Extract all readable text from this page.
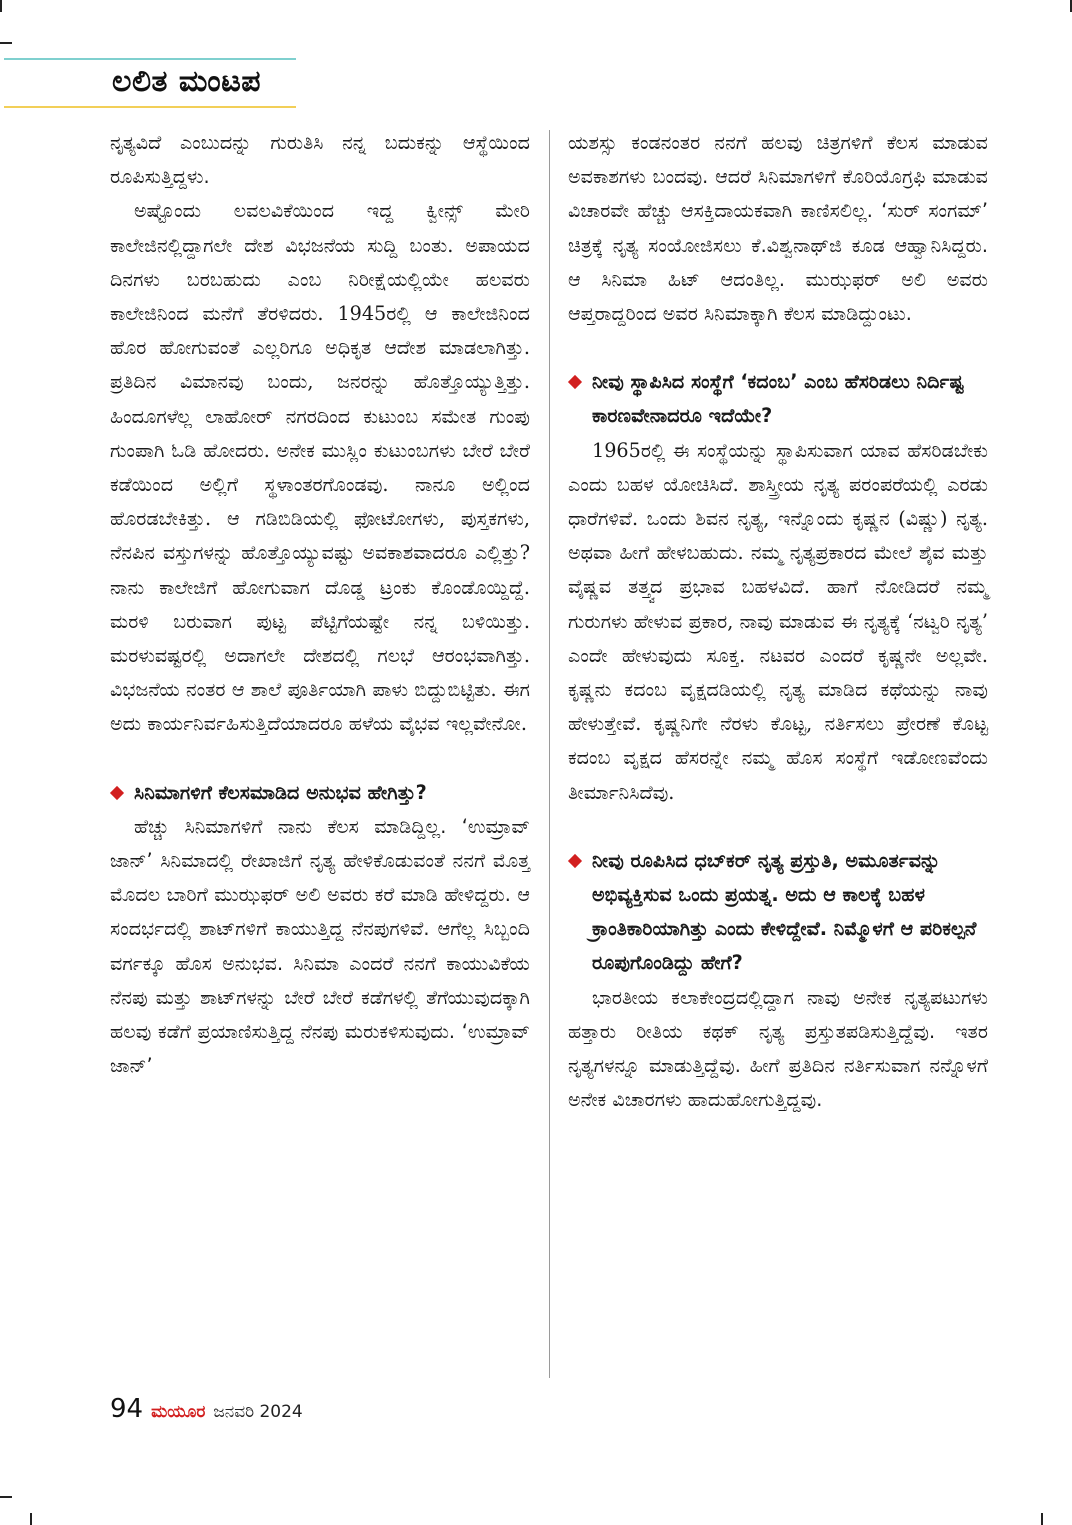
ಲಲಿತ ಮಂಟಪ

ನೃತ್ಯವಿದೆ ಎಂಬುದನ್ನು ಗುರುತಿಸಿ ನನ್ನ ಬದುಕನ್ನು ಆಸ್ಥೆಯಿಂದ ರೂಪಿಸುತ್ತಿದ್ದಳು.

ಅಷ್ಟೊಂದು ಲವಲವಿಕೆಯಿಂದ ಇದ್ದ ಕ್ವೀನ್ಸ್ ಮೇರಿ ಕಾಲೇಜಿನಲ್ಲಿದ್ದಾಗಲೇ ದೇಶ ವಿಭಜನೆಯ ಸುದ್ದಿ ಬಂತು. ಅಪಾಯದ ದಿನಗಳು ಬರಬಹುದು ಎಂಬ ನಿರೀಕ್ಷೆಯಲ್ಲಿಯೇ ಹಲವರು ಕಾಲೇಜಿನಿಂದ ಮನೆಗೆ ತೆರಳಿದರು. 1945ರಲ್ಲಿ ಆ ಕಾಲೇಜಿನಿಂದ ಹೊರ ಹೋಗುವಂತೆ ಎಲ್ಲರಿಗೂ ಅಧಿಕೃತ ಆದೇಶ ಮಾಡಲಾಗಿತ್ತು. ಪ್ರತಿದಿನ ವಿಮಾನವು ಬಂದು, ಜನರನ್ನು ಹೊತ್ತೊಯ್ಯುತ್ತಿತ್ತು. ಹಿಂದೂಗಳೆಲ್ಲ ಲಾಹೋರ್ ನಗರದಿಂದ ಕುಟುಂಬ ಸಮೇತ ಗುಂಪು ಗುಂಪಾಗಿ ಓಡಿ ಹೋದರು. ಅನೇಕ ಮುಸ್ಲಿಂ ಕುಟುಂಬಗಳು ಬೇರೆ ಬೇರೆ ಕಡೆಯಿಂದ ಅಲ್ಲಿಗೆ ಸ್ಥಳಾಂತರಗೊಂಡವು. ನಾನೂ ಅಲ್ಲಿಂದ ಹೊರಡಬೇಕಿತ್ತು. ಆ ಗಡಿಬಿಡಿಯಲ್ಲಿ ಫೋಟೋಗಳು, ಪುಸ್ತಕಗಳು, ನೆನಪಿನ ವಸ್ತುಗಳನ್ನು ಹೊತ್ತೊಯ್ಯುವಷ್ಟು ಅವಕಾಶವಾದರೂ ಎಲ್ಲಿತ್ತು? ನಾನು ಕಾಲೇಜಿಗೆ ಹೋಗುವಾಗ ದೊಡ್ಡ ಟ್ರಂಕು ಕೊಂಡೊಯ್ದಿದ್ದೆ. ಮರಳಿ ಬರುವಾಗ ಪುಟ್ಟ ಪೆಟ್ಟಿಗೆಯಷ್ಟೇ ನನ್ನ ಬಳಿಯಿತ್ತು. ಮರಳುವಷ್ಟರಲ್ಲಿ ಅದಾಗಲೇ ದೇಶದಲ್ಲಿ ಗಲಭೆ ಆರಂಭವಾಗಿತ್ತು. ವಿಭಜನೆಯ ನಂತರ ಆ ಶಾಲೆ ಪೂರ್ತಿಯಾಗಿ ಪಾಳು ಬಿದ್ದುಬಿಟ್ಟಿತು. ಈಗ ಅದು ಕಾರ್ಯನಿರ್ವಹಿಸುತ್ತಿದೆಯಾದರೂ ಹಳೆಯ ವೈಭವ ಇಲ್ಲವೇನೋ.

ಸಿನಿಮಾಗಳಿಗೆ ಕೆಲಸಮಾಡಿದ ಅನುಭವ ಹೇಗಿತ್ತು?

ಹೆಚ್ಚು ಸಿನಿಮಾಗಳಿಗೆ ನಾನು ಕೆಲಸ ಮಾಡಿದ್ದಿಲ್ಲ. ‘ಉಮ್ರಾವ್ ಜಾನ್’ ಸಿನಿಮಾದಲ್ಲಿ ರೇಖಾಜಿಗೆ ನೃತ್ಯ ಹೇಳಿಕೊಡುವಂತೆ ನನಗೆ ಮೊತ್ತ ಮೊದಲ ಬಾರಿಗೆ ಮುಝಫರ್ ಅಲಿ ಅವರು ಕರೆ ಮಾಡಿ ಹೇಳಿದ್ದರು. ಆ ಸಂದರ್ಭದಲ್ಲಿ ಶಾಟ್‌ಗಳಿಗೆ ಕಾಯುತ್ತಿದ್ದ ನೆನಪುಗಳಿವೆ. ಆಗೆಲ್ಲ ಸಿಬ್ಬಂದಿ ವರ್ಗಕ್ಕೂ ಹೊಸ ಅನುಭವ. ಸಿನಿಮಾ ಎಂದರೆ ನನಗೆ ಕಾಯುವಿಕೆಯ ನೆನಪು ಮತ್ತು ಶಾಟ್‌ಗಳನ್ನು ಬೇರೆ ಬೇರೆ ಕಡೆಗಳಲ್ಲಿ ತೆಗೆಯುವುದಕ್ಕಾಗಿ ಹಲವು ಕಡೆಗೆ ಪ್ರಯಾಣಿಸುತ್ತಿದ್ದ ನೆನಪು ಮರುಕಳಿಸುವುದು. ‘ಉಮ್ರಾವ್ ಜಾನ್’

ಯಶಸ್ಸು ಕಂಡನಂತರ ನನಗೆ ಹಲವು ಚಿತ್ರಗಳಿಗೆ ಕೆಲಸ ಮಾಡುವ ಅವಕಾಶಗಳು ಬಂದವು. ಆದರೆ ಸಿನಿಮಾಗಳಿಗೆ ಕೊರಿಯೊಗ್ರಫಿ ಮಾಡುವ ವಿಚಾರವೇ ಹೆಚ್ಚು ಆಸಕ್ತಿದಾಯಕವಾಗಿ ಕಾಣಿಸಲಿಲ್ಲ. ‘ಸುರ್ ಸಂಗಮ್’ ಚಿತ್ರಕ್ಕೆ ನೃತ್ಯ ಸಂಯೋಜಿಸಲು ಕೆ.ವಿಶ್ವನಾಥ್‌ಜಿ ಕೂಡ ಆಹ್ವಾನಿಸಿದ್ದರು. ಆ ಸಿನಿಮಾ ಹಿಟ್ ಆದಂತಿಲ್ಲ. ಮುಝಫರ್ ಅಲಿ ಅವರು ಆಪ್ತರಾದ್ದರಿಂದ ಅವರ ಸಿನಿಮಾಕ್ಕಾಗಿ ಕೆಲಸ ಮಾಡಿದ್ದುಂಟು.

ನೀವು ಸ್ಥಾಪಿಸಿದ ಸಂಸ್ಥೆಗೆ ‘ಕದಂಬ’ ಎಂಬ ಹೆಸರಿಡಲು ನಿರ್ದಿಷ್ಟ ಕಾರಣವೇನಾದರೂ ಇದೆಯೇ?

1965ರಲ್ಲಿ ಈ ಸಂಸ್ಥೆಯನ್ನು ಸ್ಥಾಪಿಸುವಾಗ ಯಾವ ಹೆಸರಿಡಬೇಕು ಎಂದು ಬಹಳ ಯೋಚಿಸಿದೆ. ಶಾಸ್ತ್ರೀಯ ನೃತ್ಯ ಪರಂಪರೆಯಲ್ಲಿ ಎರಡು ಧಾರೆಗಳಿವೆ. ಒಂದು ಶಿವನ ನೃತ್ಯ, ಇನ್ನೊಂದು ಕೃಷ್ಣನ (ವಿಷ್ಣು) ನೃತ್ಯ. ಅಥವಾ ಹೀಗೆ ಹೇಳಬಹುದು. ನಮ್ಮ ನೃತ್ಯಪ್ರಕಾರದ ಮೇಲೆ ಶೈವ ಮತ್ತು ವೈಷ್ಣವ ತತ್ತ್ವದ ಪ್ರಭಾವ ಬಹಳವಿದೆ. ಹಾಗೆ ನೋಡಿದರೆ ನಮ್ಮ ಗುರುಗಳು ಹೇಳುವ ಪ್ರಕಾರ, ನಾವು ಮಾಡುವ ಈ ನೃತ್ಯಕ್ಕೆ ‘ನಟ್ವರಿ ನೃತ್ಯ’ ಎಂದೇ ಹೇಳುವುದು ಸೂಕ್ತ. ನಟವರ ಎಂದರೆ ಕೃಷ್ಣನೇ ಅಲ್ಲವೇ. ಕೃಷ್ಣನು ಕದಂಬ ವೃಕ್ಷದಡಿಯಲ್ಲಿ ನೃತ್ಯ ಮಾಡಿದ ಕಥೆಯನ್ನು ನಾವು ಹೇಳುತ್ತೇವೆ. ಕೃಷ್ಣನಿಗೇ ನೆರಳು ಕೊಟ್ಟ, ನರ್ತಿಸಲು ಪ್ರೇರಣೆ ಕೊಟ್ಟ ಕದಂಬ ವೃಕ್ಷದ ಹೆಸರನ್ನೇ ನಮ್ಮ ಹೊಸ ಸಂಸ್ಥೆಗೆ ಇಡೋಣವೆಂದು ತೀರ್ಮಾನಿಸಿದೆವು.

ನೀವು ರೂಪಿಸಿದ ಧಬ್‌ಕರ್ ನೃತ್ಯ ಪ್ರಸ್ತುತಿ, ಅಮೂರ್ತವನ್ನು ಅಭಿವ್ಯಕ್ತಿಸುವ ಒಂದು ಪ್ರಯತ್ನ. ಅದು ಆ ಕಾಲಕ್ಕೆ ಬಹಳ ಕ್ರಾಂತಿಕಾರಿಯಾಗಿತ್ತು ಎಂದು ಕೇಳಿದ್ದೇವೆ. ನಿಮ್ಮೊಳಗೆ ಆ ಪರಿಕಲ್ಪನೆ ರೂಪುಗೊಂಡಿದ್ದು ಹೇಗೆ?

ಭಾರತೀಯ ಕಲಾಕೇಂದ್ರದಲ್ಲಿದ್ದಾಗ ನಾವು ಅನೇಕ ನೃತ್ಯಪಟುಗಳು ಹತ್ತಾರು ರೀತಿಯ ಕಥಕ್ ನೃತ್ಯ ಪ್ರಸ್ತುತಪಡಿಸುತ್ತಿದ್ದೆವು. ಇತರ ನೃತ್ಯಗಳನ್ನೂ ಮಾಡುತ್ತಿದ್ದೆವು. ಹೀಗೆ ಪ್ರತಿದಿನ ನರ್ತಿಸುವಾಗ ನನ್ನೊಳಗೆ ಅನೇಕ ವಿಚಾರಗಳು ಹಾದುಹೋಗುತ್ತಿದ್ದವು.

94 ಮಯೂರ ಜನವರಿ 2024
